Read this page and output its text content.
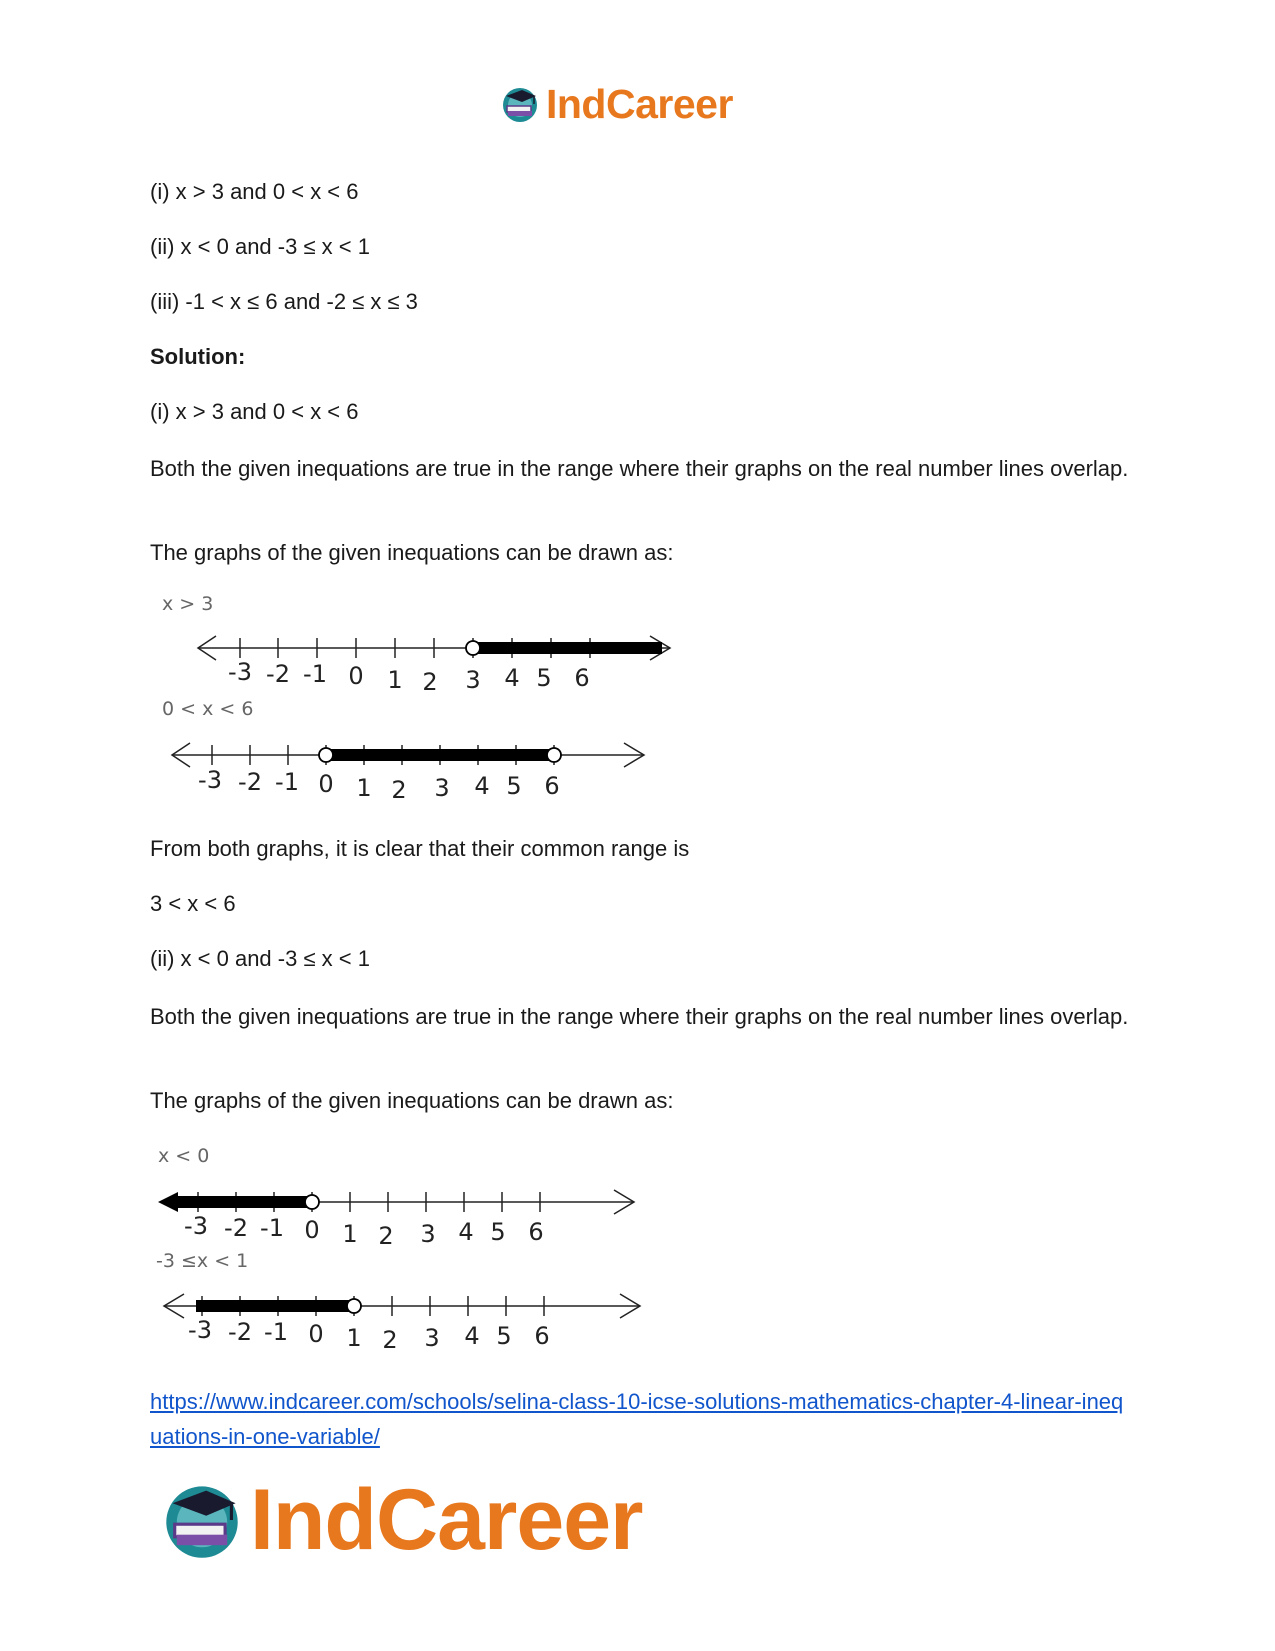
IndCareer
(i) x > 3 and 0 < x < 6
(ii) x < 0 and -3 ≤ x < 1
(iii) -1 < x ≤ 6 and -2 ≤ x ≤ 3
Solution:
(i) x > 3 and 0 < x < 6
Both the given inequations are true in the range where their graphs on the real number lines overlap.
The graphs of the given inequations can be drawn as:
x > 3
-3 -2 -1 0 1 2 3 4 5 6
0 < x < 6
-3 -2 -1 0 1 2 3 4 5 6
From both graphs, it is clear that their common range is
3 < x < 6
(ii) x < 0 and -3 ≤ x < 1
Both the given inequations are true in the range where their graphs on the real number lines overlap.
The graphs of the given inequations can be drawn as:
x < 0
-3 -2 -1 0 1 2 3 4 5 6
-3 ≤x < 1
-3 -2 -1 0 1 2 3 4 5 6
https://www.indcareer.com/schools/selina-class-10-icse-solutions-mathematics-chapter-4-linear-inequations-in-one-variable/
IndCareer
